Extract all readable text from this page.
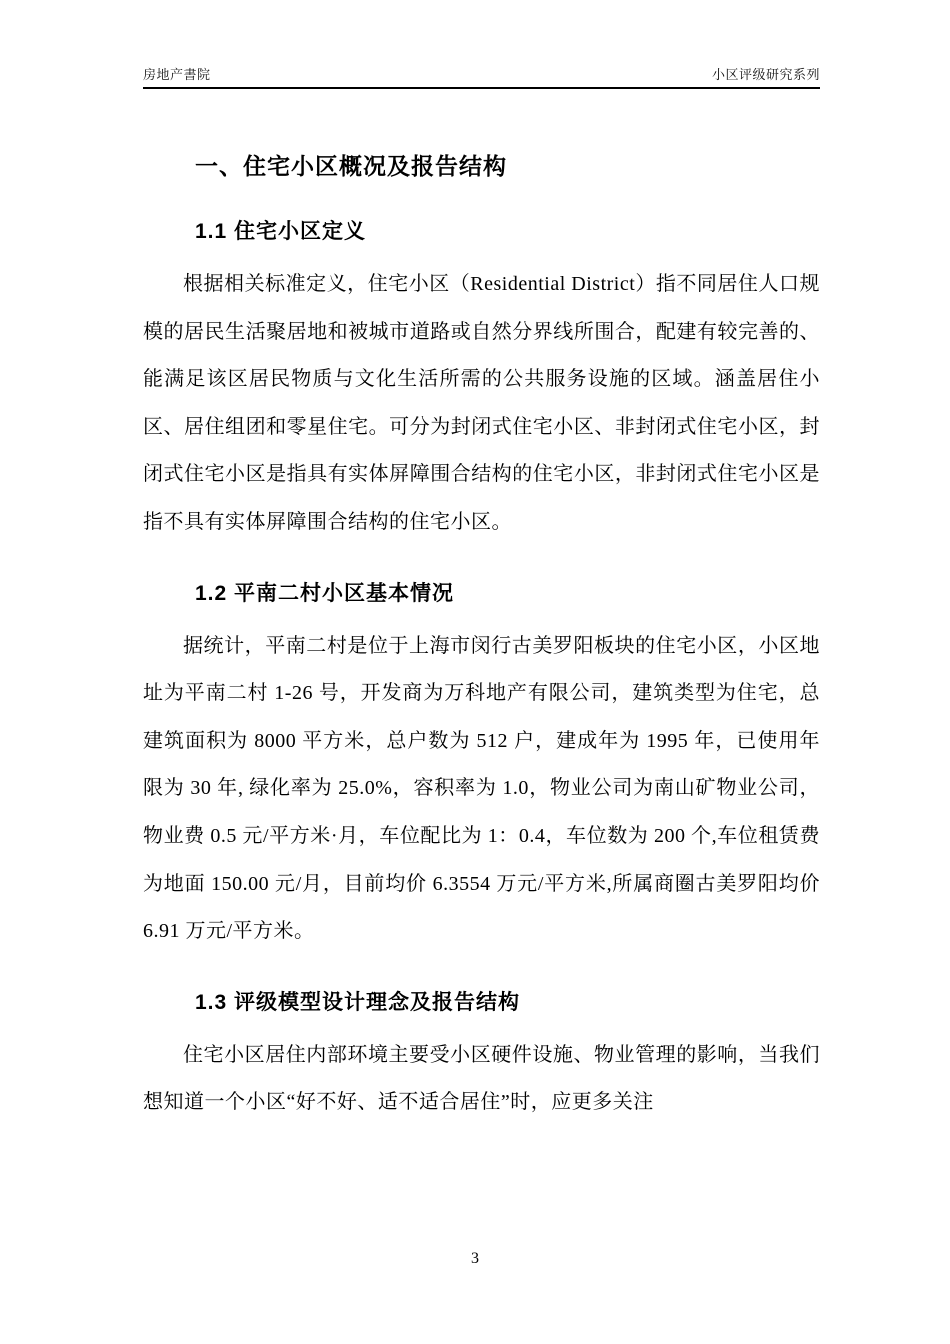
房地产書院	小区评级研究系列
一、住宅小区概况及报告结构
1.1 住宅小区定义

根据相关标准定义，住宅小区（Residential District）指不同居住人口规模的居民生活聚居地和被城市道路或自然分界线所围合，配建有较完善的、能满足该区居民物质与文化生活所需的公共服务设施的区域。涵盖居住小区、居住组团和零星住宅。可分为封闭式住宅小区、非封闭式住宅小区，封闭式住宅小区是指具有实体屏障围合结构的住宅小区，非封闭式住宅小区是指不具有实体屏障围合结构的住宅小区。

1.2 平南二村小区基本情况

据统计，平南二村是位于上海市闵行古美罗阳板块的住宅小区，小区地址为平南二村 1-26 号，开发商为万科地产有限公司，建筑类型为住宅，总建筑面积为 8000 平方米，总户数为 512 户，建成年为 1995 年，已使用年限为 30 年, 绿化率为 25.0%，容积率为 1.0，物业公司为南山矿物业公司，物业费 0.5 元/平方米·月，车位配比为 1：0.4，车位数为 200 个,车位租赁费为地面 150.00 元/月，目前均价 6.3554 万元/平方米,所属商圈古美罗阳均价 6.91 万元/平方米。

1.3 评级模型设计理念及报告结构

住宅小区居住内部环境主要受小区硬件设施、物业管理的影响，当我们想知道一个小区“好不好、适不适合居住”时，应更多关注

3
